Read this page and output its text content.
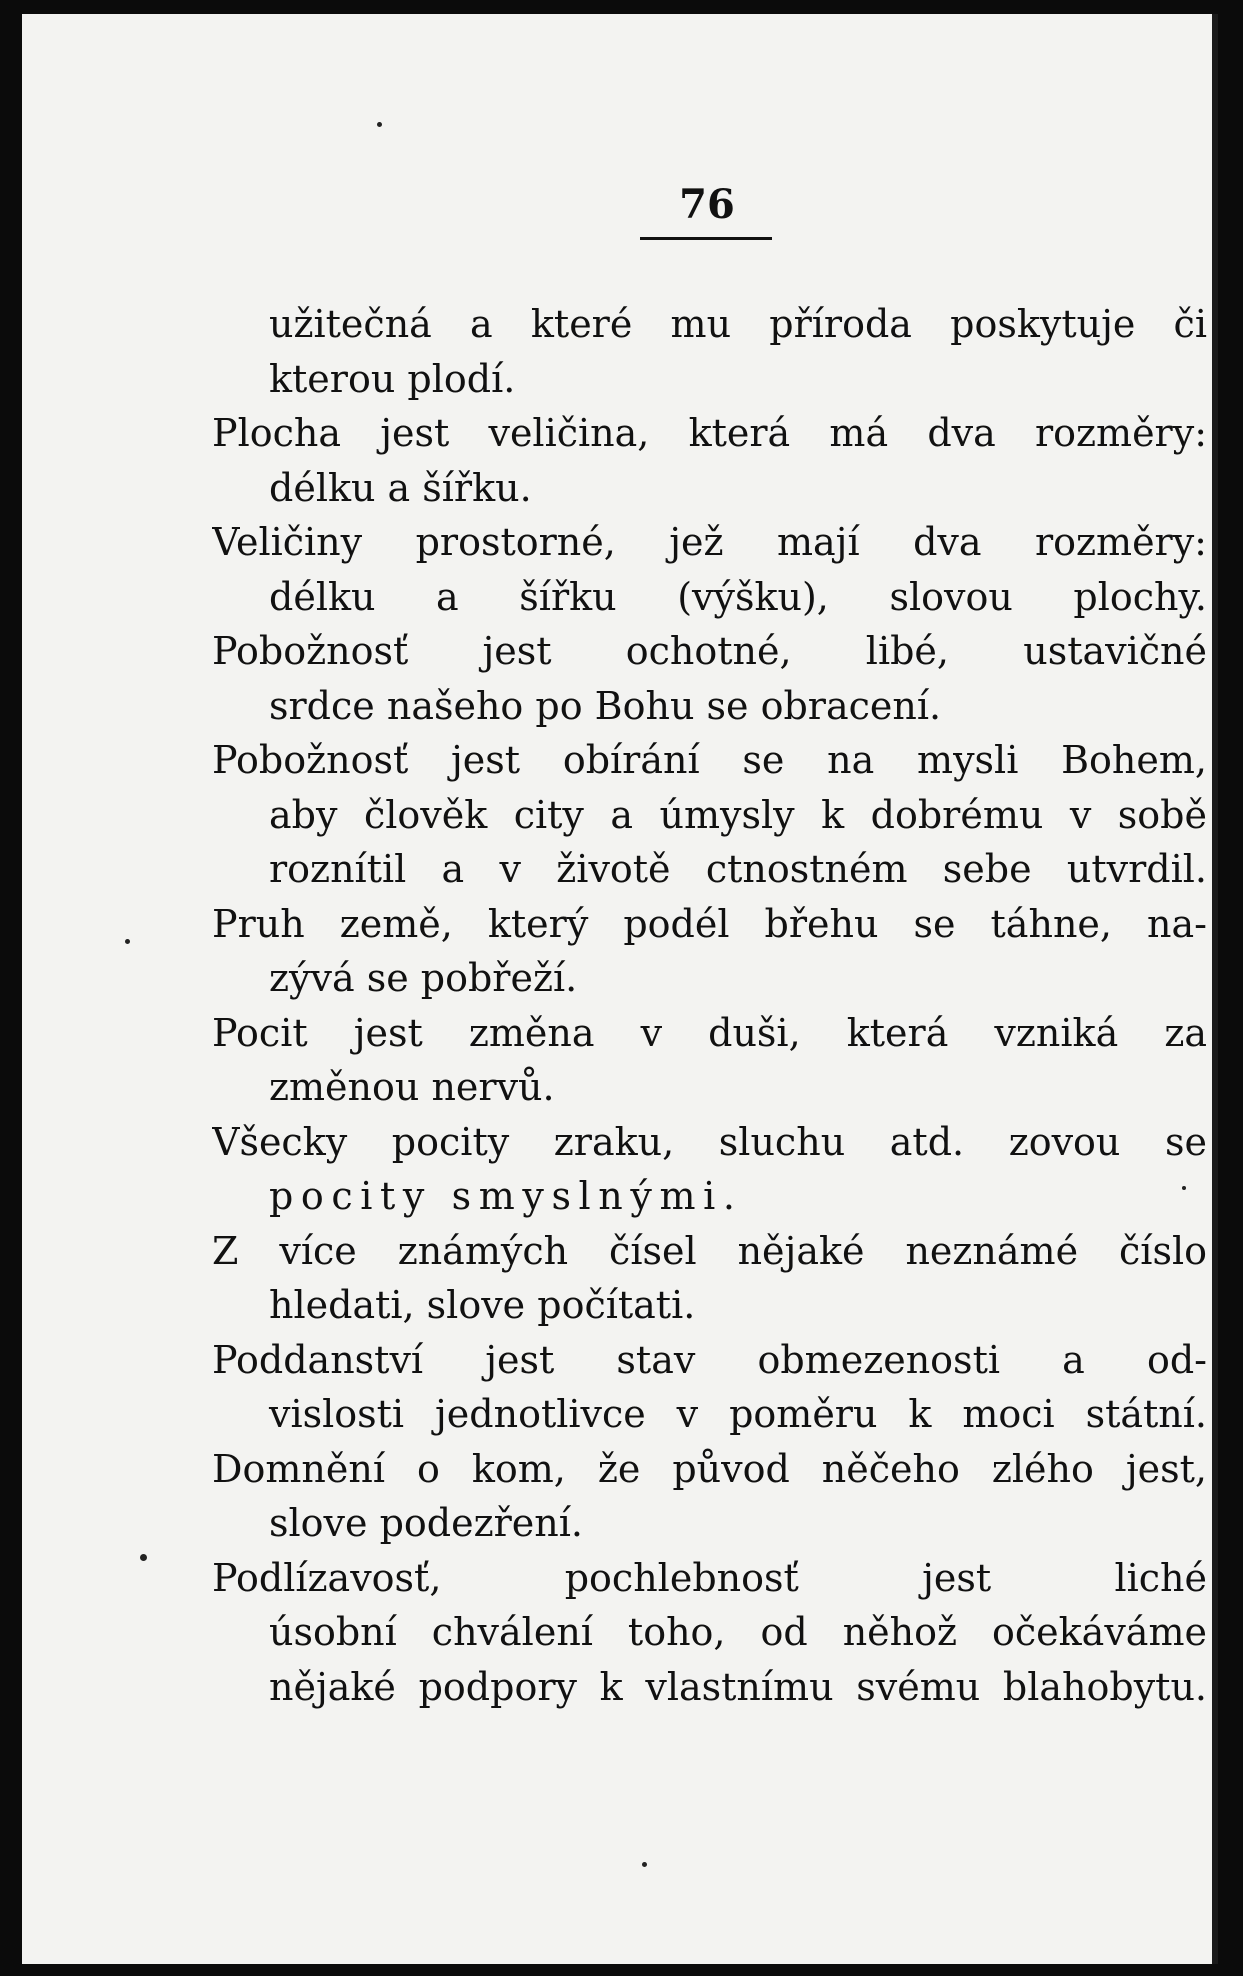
76
užitečná a které mu příroda poskytuje či
kterou plodí.
Plocha jest veličina, která má dva rozměry:
délku a šířku.
Veličiny prostorné, jež mají dva rozměry:
délku a šířku (výšku), slovou plochy.
Pobožnosť jest ochotné, libé, ustavičné
srdce našeho po Bohu se obracení.
Pobožnosť jest obírání se na mysli Bohem,
aby člověk city a úmysly k dobrému v sobě
roznítil a v životě ctnostném sebe utvrdil.
Pruh země, který podél břehu se táhne, na-
zývá se pobřeží.
Pocit jest změna v duši, která vzniká za
změnou nervů.
Všecky pocity zraku, sluchu atd. zovou se
pocity smyslnými.
Z více známých čísel nějaké neznámé číslo
hledati, slove počítati.
Poddanství jest stav obmezenosti a od-
vislosti jednotlivce v poměru k moci státní.
Domnění o kom, že původ něčeho zlého jest,
slove podezření.
Podlízavosť, pochlebnosť jest liché
úsobní chválení toho, od něhož očekáváme
nějaké podpory k vlastnímu svému blahobytu.
